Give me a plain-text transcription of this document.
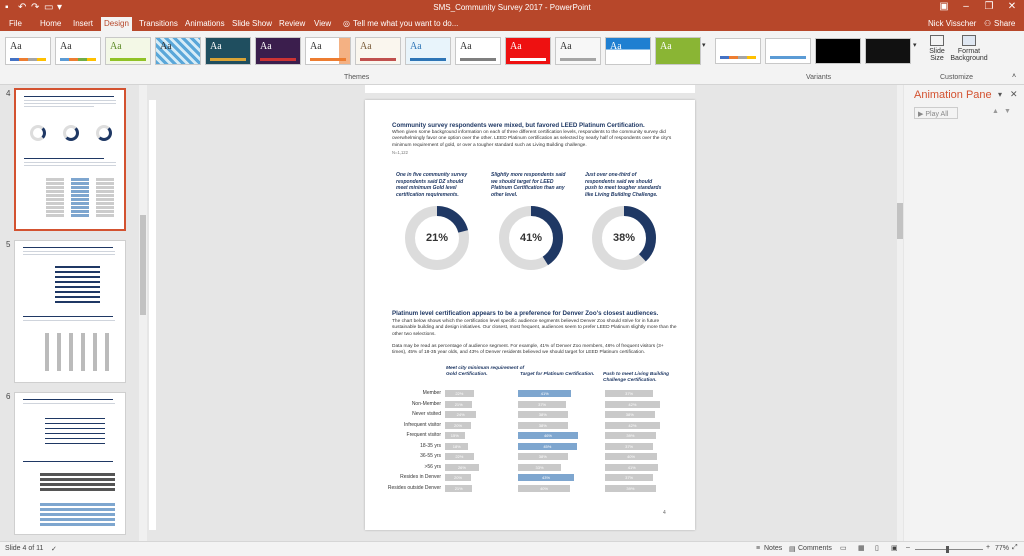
▪ ↶ ↷ ▭ ▾	SMS_Community Survey 2017 - PowerPoint	▣	–	❐	✕
File Home Insert	Design	Transitions Animations Slide Show Review View ◎ Tell me what you want to do...	Nick Visscher ⚇ Share
Aa	Aa	Aa	Aa	Aa	Aa	Aa	Aa	Aa	Aa	Aa	Aa	Aa	Aa	▾
Themes
▾
Variants
Slide Size
Format Background
Customize	˄
4
5
6
Community survey respondents were mixed, but favored LEED Platinum Certification.
When given some background information on each of three different certification levels, respondents to the community survey did overwhelmingly favor one option over the other. LEED Platinum certification as selected by nearly half of respondents over the city's minimum requirement of gold, or over a tougher standard such as Living Building challenge.
N=1,122
One in five community survey respondents said DZ should meet minimum Gold level certification requirements.
Slightly more respondents said we should target for LEED Platinum Certification than any other level.
Just over one-third of respondents said we should push to meet tougher standards like Living Building Challenge.
21%	41%	38%
Platinum level certification appears to be a preference for Denver Zoo's closest audiences.
The chart below shows which the certification level specific audience segments believed Denver Zoo should strive for in future sustainable building and design initiatives. Our closest, most frequent, audiences seem to prefer LEED Platinum slightly more than the other two selections.
Data may be read as percentage of audience segment. For example, 41% of Denver Zoo members, 46% of frequent visitors (3+ times), 45% of 18-35 year olds, and 43% of Denver residents believed we should target for LEED Platinum certification.
Meet city minimum requirement of Gold Certification.	Target for Platinum Certification.	Push to meet Living Building Challenge Certification.
Member	22%	41%	37%
Non-Member	21%	37%	42%
Never visited	24%	38%	38%
Infrequent visitor	20%	38%	42%
Frequent visitor	15%	46%	39%
18-35 yrs	18%	45%	37%
36-55 yrs	22%	38%	40%
>56 yrs	26%	33%	41%
Resides in Denver	20%	43%	37%
Resides outside Denver	21%	40%	39%
4
Animation Pane ▾ ✕
▶ Play All	▲ ▼
Slide 4 of 11 ✓	≡ Notes ▤ Comments ▭ ▦ ▯ ▣ –	+ 77% ⤢
